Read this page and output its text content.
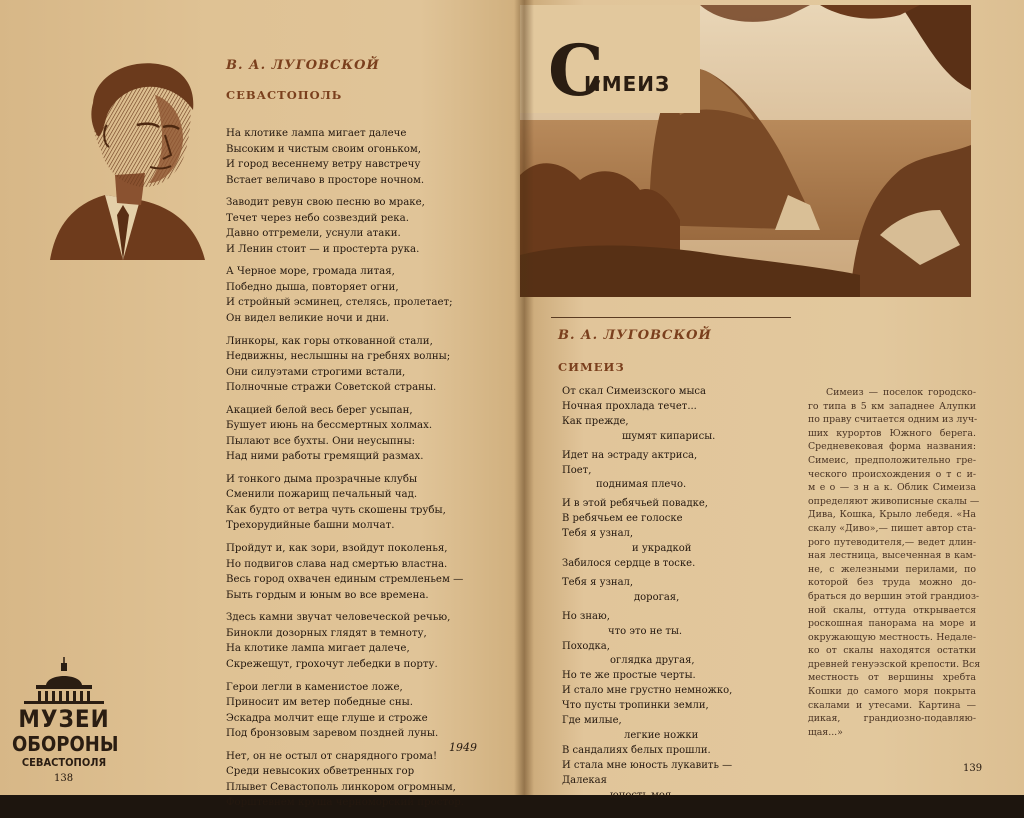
В. А. ЛУГОВСКОЙ
СЕВАСТОПОЛЬ
На клотике лампа мигает далече
Высоким и чистым своим огоньком,
И город весеннему ветру навстречу
Встает величаво в просторе ночном.
Заводит ревун свою песню во мраке,
Течет через небо созвездий река.
Давно отгремели, уснули атаки.
И Ленин стоит — и простерта рука.
А Черное море, громада литая,
Победно дыша, повторяет огни,
И стройный эсминец, стелясь, пролетает;
Он видел великие ночи и дни.
Линкоры, как горы откованной стали,
Недвижны, неслышны на гребнях волны;
Они силуэтами строгими встали,
Полночные стражи Советской страны.
Акацией белой весь берег усыпан,
Бушует июнь на бессмертных холмах.
Пылают все бухты. Они неусыпны:
Над ними работы гремящий размах.
И тонкого дыма прозрачные клубы
Сменили пожарищ печальный чад.
Как будто от ветра чуть скошены трубы,
Трехорудийные башни молчат.
Пройдут и, как зори, взойдут поколенья,
Но подвигов слава над смертью властна.
Весь город охвачен единым стремленьем —
Быть гордым и юным во все времена.
Здесь камни звучат человеческой речью,
Бинокли дозорных глядят в темноту,
На клотике лампа мигает далече,
Скрежещут, грохочут лебедки в порту.
Герои легли в каменистое ложе,
Приносит им ветер победные сны.
Эскадра молчит еще глуше и строже
Под бронзовым заревом поздней луны.
Нет, он не остыл от снарядного грома!
Среди невысоких обветренных гор
Плывет Севастополь линкором огромным,
Форштевнем круша черноморский простор.
1949
МУЗЕИ
ОБОРОНЫ
СЕВАСТОПОЛЯ
138
С
ИМЕИЗ
В. А. ЛУГОВСКОЙ
СИМЕИЗ
От скал Симеизского мыса
Ночная прохлада течет...
Как прежде,
шумят кипарисы.
Идет на эстраду актриса,
Поет,
поднимая плечо.
И в этой ребячьей повадке,
В ребячьем ее голоске
Тебя я узнал,
и украдкой
Забилося сердце в тоске.
Тебя я узнал,
дорогая,
Но знаю,
что это не ты.
Походка,
оглядка другая,
Но те же простые черты.
И стало мне грустно немножко,
Что пусты тропинки земли,
Где милые,
легкие ножки
В сандалиях белых прошли.
И стала мне юность лукавить —
Далекая
юность моя.
Симеиз — поселок городско-
го типа в 5 км западнее Алупки
по праву считается одним из луч-
ших курортов Южного берега.
Средневековая форма названия:
Симеис, предположительно гре-
ческого происхождения о т с и-
м е о — з н а к. Облик Симеиза
определяют живописные скалы —
Дива, Кошка, Крыло лебедя. «На
скалу «Диво»,— пишет автор ста-
рого путеводителя,— ведет длин-
ная лестница, высеченная в кам-
не, с железными перилами, по
которой без труда можно до-
браться до вершин этой грандиоз-
ной скалы, оттуда открывается
роскошная панорама на море и
окружающую местность. Недале-
ко от скалы находятся остатки
древней генуэзской крепости. Вся
местность от вершины хребта
Кошки до самого моря покрыта
скалами и утесами. Картина —
дикая, грандиозно-подавляю-
щая...»
139
